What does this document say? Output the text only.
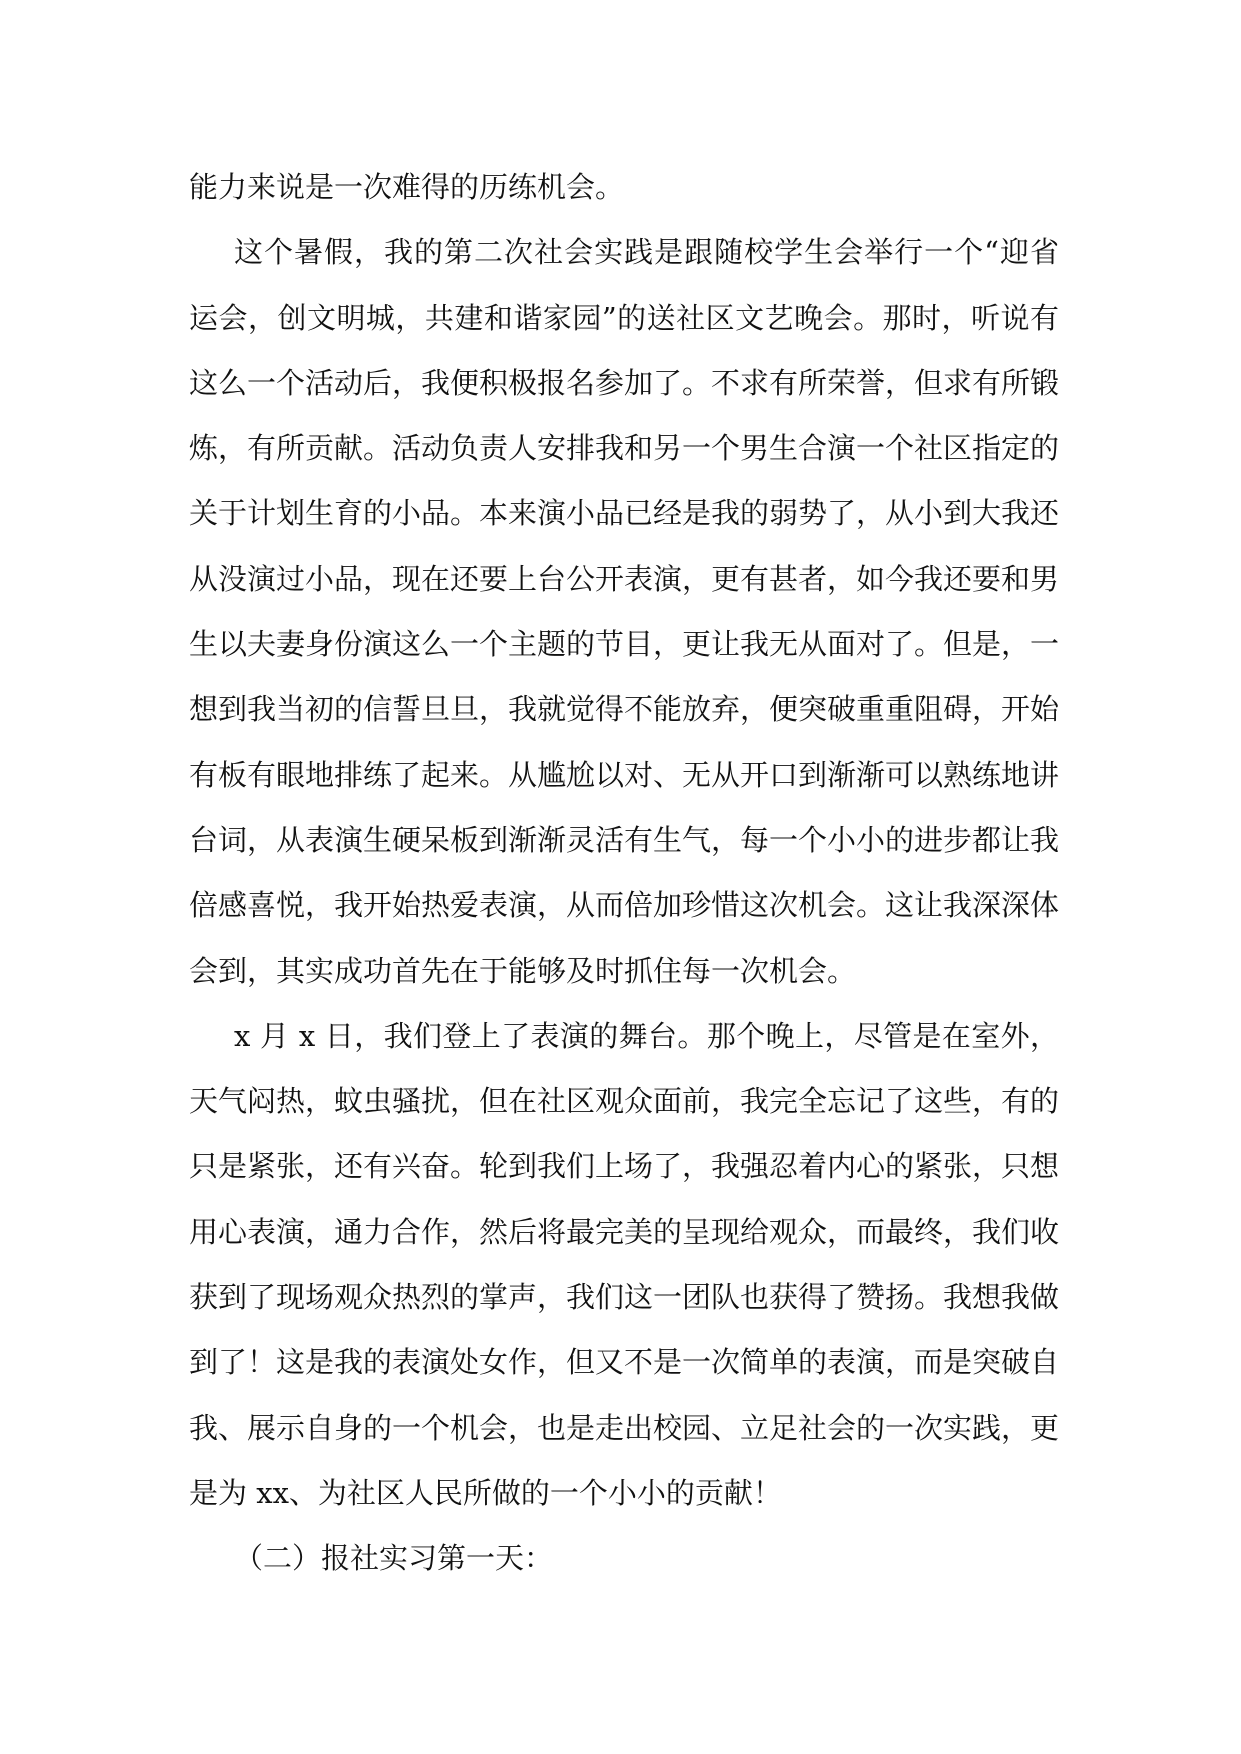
能力来说是一次难得的历练机会。
这个暑假，我的第二次社会实践是跟随校学生会举行一个“迎省
运会，创文明城，共建和谐家园”的送社区文艺晚会。那时，听说有
这么一个活动后，我便积极报名参加了。不求有所荣誉，但求有所锻
炼，有所贡献。活动负责人安排我和另一个男生合演一个社区指定的
关于计划生育的小品。本来演小品已经是我的弱势了，从小到大我还
从没演过小品，现在还要上台公开表演，更有甚者，如今我还要和男
生以夫妻身份演这么一个主题的节目，更让我无从面对了。但是，一
想到我当初的信誓旦旦，我就觉得不能放弃，便突破重重阻碍，开始
有板有眼地排练了起来。从尴尬以对、无从开口到渐渐可以熟练地讲
台词，从表演生硬呆板到渐渐灵活有生气，每一个小小的进步都让我
倍感喜悦，我开始热爱表演，从而倍加珍惜这次机会。这让我深深体
会到，其实成功首先在于能够及时抓住每一次机会。
x 月 x 日，我们登上了表演的舞台。那个晚上，尽管是在室外，
天气闷热，蚊虫骚扰，但在社区观众面前，我完全忘记了这些，有的
只是紧张，还有兴奋。轮到我们上场了，我强忍着内心的紧张，只想
用心表演，通力合作，然后将最完美的呈现给观众，而最终，我们收
获到了现场观众热烈的掌声，我们这一团队也获得了赞扬。我想我做
到了！这是我的表演处女作，但又不是一次简单的表演，而是突破自
我、展示自身的一个机会，也是走出校园、立足社会的一次实践，更
是为 xx、为社区人民所做的一个小小的贡献！
（二）报社实习第一天：
